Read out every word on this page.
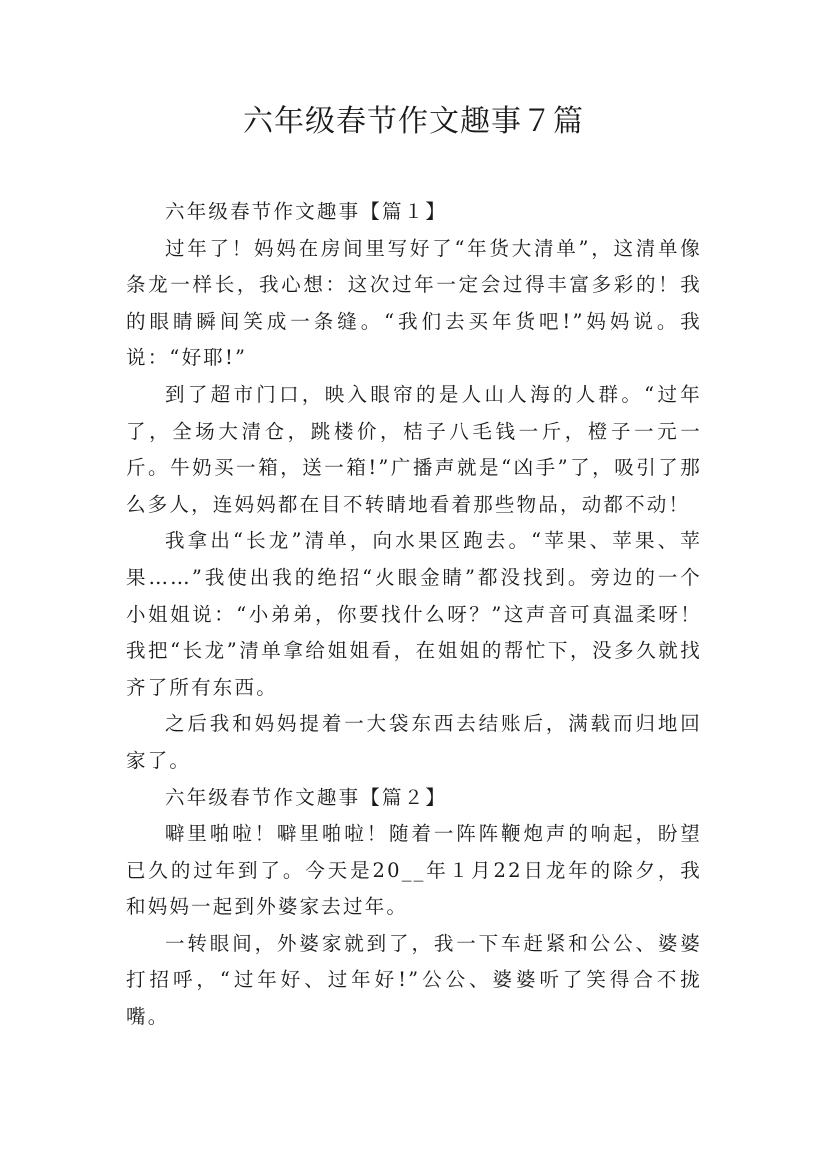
六年级春节作文趣事７篇

六年级春节作文趣事【篇１】

过年了！妈妈在房间里写好了“年货大清单”，这清单像条龙一样长，我心想：这次过年一定会过得丰富多彩的！我的眼睛瞬间笑成一条缝。“我们去买年货吧!”妈妈说。我说：“好耶!”

到了超市门口，映入眼帘的是人山人海的人群。“过年了，全场大清仓，跳楼价，桔子八毛钱一斤，橙子一元一斤。牛奶买一箱，送一箱!”广播声就是“凶手”了，吸引了那么多人，连妈妈都在目不转睛地看着那些物品，动都不动！

我拿出“长龙”清单，向水果区跑去。“苹果、苹果、苹果……”我使出我的绝招“火眼金睛”都没找到。旁边的一个小姐姐说：“小弟弟，你要找什么呀？”这声音可真温柔呀！我把“长龙”清单拿给姐姐看，在姐姐的帮忙下，没多久就找齐了所有东西。

之后我和妈妈提着一大袋东西去结账后，满载而归地回家了。

六年级春节作文趣事【篇２】

噼里啪啦！噼里啪啦！随着一阵阵鞭炮声的响起，盼望已久的过年到了。今天是20__年１月22日龙年的除夕，我和妈妈一起到外婆家去过年。

一转眼间，外婆家就到了，我一下车赶紧和公公、婆婆打招呼，“过年好、过年好!”公公、婆婆听了笑得合不拢嘴。
